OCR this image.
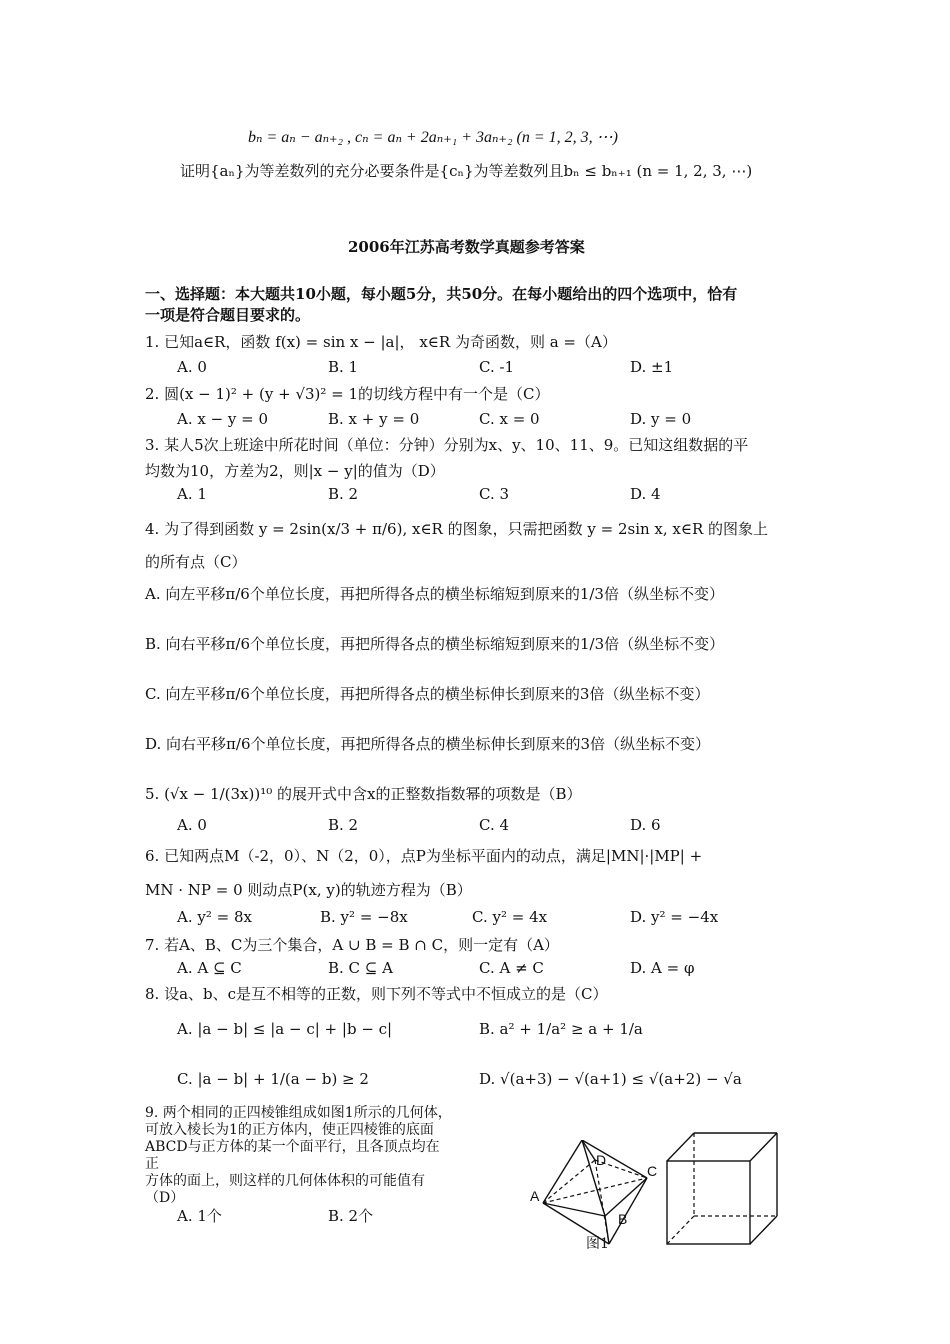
bₙ = aₙ − aₙ₊₂ , cₙ = aₙ + 2aₙ₊₁ + 3aₙ₊₂ (n = 1, 2, 3, ⋯)
证明{aₙ}为等差数列的充分必要条件是{cₙ}为等差数列且bₙ ≤ bₙ₊₁ (n = 1, 2, 3, ⋯)
2006年江苏高考数学真题参考答案
一、选择题：本大题共10小题，每小题5分，共50分。在每小题给出的四个选项中，恰有
一项是符合题目要求的。
1. 已知a∈R，函数 f(x) = sin x − |a|， x∈R 为奇函数，则 a =（A）
A. 0	B. 1	C. -1	D. ±1
2. 圆(x − 1)² + (y + √3)² = 1的切线方程中有一个是（C）
A. x − y = 0	B. x + y = 0	C. x = 0	D. y = 0
3. 某人5次上班途中所花时间（单位：分钟）分别为x、y、10、11、9。已知这组数据的平
均数为10，方差为2，则|x − y|的值为（D）
A. 1	B. 2	C. 3	D. 4
4. 为了得到函数 y = 2sin(x/3 + π/6), x∈R 的图象，只需把函数 y = 2sin x, x∈R 的图象上
的所有点（C）
A. 向左平移π/6个单位长度，再把所得各点的横坐标缩短到原来的1/3倍（纵坐标不变）
B. 向右平移π/6个单位长度，再把所得各点的横坐标缩短到原来的1/3倍（纵坐标不变）
C. 向左平移π/6个单位长度，再把所得各点的横坐标伸长到原来的3倍（纵坐标不变）
D. 向右平移π/6个单位长度，再把所得各点的横坐标伸长到原来的3倍（纵坐标不变）
5. (√x − 1/(3x))¹⁰ 的展开式中含x的正整数指数幂的项数是（B）
A. 0	B. 2	C. 4	D. 6
6. 已知两点M（-2，0）、N（2，0），点P为坐标平面内的动点，满足|MN|·|MP| +
MN · NP = 0 则动点P(x, y)的轨迹方程为（B）
A. y² = 8x	B. y² = −8x	C. y² = 4x	D. y² = −4x
7. 若A、B、C为三个集合，A ∪ B = B ∩ C，则一定有（A）
A. A ⊆ C	B. C ⊆ A	C. A ≠ C	D. A = φ
8. 设a、b、c是互不相等的正数，则下列不等式中不恒成立的是（C）
A. |a − b| ≤ |a − c| + |b − c|	B. a² + 1/a² ≥ a + 1/a
C. |a − b| + 1/(a − b) ≥ 2	D. √(a+3) − √(a+1) ≤ √(a+2) − √a
9. 两个相同的正四棱锥组成如图1所示的几何体，
可放入棱长为1的正方体内，使正四棱锥的底面
ABCD与正方体的某一个面平行，且各顶点均在
正
方体的面上，则这样的几何体体积的可能值有
（D）
A. 1个	B. 2个
A
B
C
D
图1
